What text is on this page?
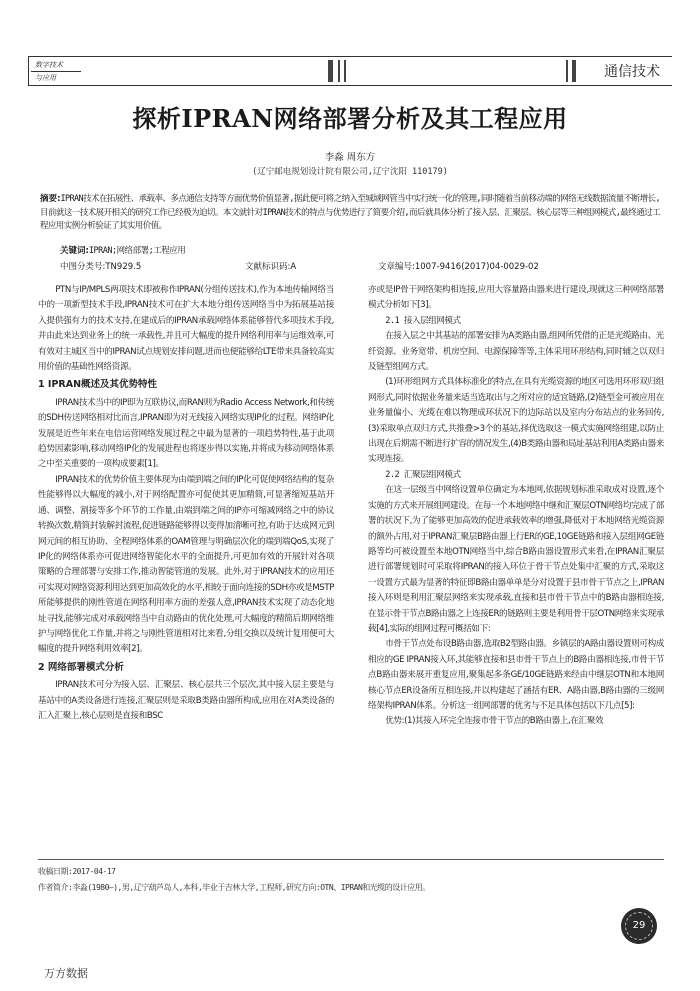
数字技术
与应用	通信技术
探析IPRAN网络部署分析及其工程应用
李淼 周东方
(辽宁邮电规划设计院有限公司,辽宁沈阳 110179)
摘要:IPRAN技术在拓展性、承载率、多点通信支持等方面优势价值显著,据此便可将之纳入至城域网管当中实行统一化的管理,同时随着当前移动端的网络无线数据流量不断增长,目前就这一技术展开相关的研究工作已经极为迫切。本文就针对IPRAN技术的特点与优势进行了简要介绍,而后就具体分析了接入层、汇聚层、核心层等三种组网模式,最终通过工程应用实例分析验证了其实用价值。
关键词:IPRAN;网络部署;工程应用
中图分类号:TN929.5	文献标识码:A	文章编号:1007-9416(2017)04-0029-02

PTN与IP/MPLS两项技术即被称作IPRAN(分组传送技术),作为本地传输网络当中的一项新型技术手段,IPRAN技术可在扩大本地分组传送网络当中为拓展基站接入提供强有力的技术支持,在建成后的IPRAN承载网络体系能够替代多项技术手段,并由此来达到业务上的统一承载性,并且可大幅度的提升网络利用率与运维效率,可有效对主城区当中的IPRAN试点规划安排问题,进而也便能够给LTE带来具备较高实用价值的基础性网络资源。

1 IPRAN概述及其优势特性

IPRAN技术当中的IP即为互联协议,而RAN则为Radio Access Network,和传统的SDH传送网络相对比而言,IPRAN即为对无线接入网络实现IP化的过程。网络IP化发展是近些年来在电信运营网络发展过程之中最为显著的一项趋势特性,基于此项趋势因素影响,移动网络IP化的发展进程也将逐步得以实施,并将成为移动网络体系之中至关重要的一项构成要素[1]。

IPRAN技术的优势价值主要体现为由端到端之间的IP化可促使网络结构的复杂性能够得以大幅度的减小,对于网络配置亦可促使其更加精简,可显著缩短基站开通、调整、割接等多个环节的工作量,由端到端之间的IP亦可缩减网络之中的协议转换次数,精简封装解封流程,促进链路能够得以变得加清晰可控,有助于达成网元到网元间的相互协助、全程网络体系的OAM管理与明确层次化的端到端QoS,实现了IP化的网络体系亦可促进网络智能化水平的全面提升,可更加有效的开展针对各项策略的合理部署与安排工作,推动智能管道的发展。此外,对于IPRAN技术的应用还可实现对网络资源利用达到更加高效化的水平,相较于面向连接的SDH亦或是MSTP所能够提供的刚性管道在网络利用率方面的差强人意,IPRAN技术实现了动态化地址寻找,能够完成对承载网络当中自动路由的优化处理,可大幅度的精简后期网络维护与网络优化工作量,并将之与刚性管道相对比来看,分组交换以及统计复用便可大幅度的提升网络利用效率[2]。

2 网络部署模式分析

IPRAN技术可分为接入层、汇聚层、核心层共三个层次,其中接入层主要是与基站中的A类设备进行连接,汇聚层则是采取B类路由器所构成,应用在对A类设备的汇入汇聚上,核心层则是直接和BSC

亦或是IP骨干网络架构相连接,应用大容量路由器来进行建设,现就这三种网络部署模式分析如下[3]。

2.1 接入层组网模式

在接入层之中其基站的部署安排为A类路由器,组网所凭借的正是光缆路由、光纤资源、业务宽带、机房空间、电源保障等等,主体采用环形结构,同时辅之以双归及链型组网方式。

(1)环形组网方式具体标准化的特点,在具有光缆资源的地区可选用环形双归组网形式,同时依据业务量来适当选取出与之所对应的适宜链路,(2)链型金可被应用在业务量偏小、光缆在难以物理成环状况下的边际站以及室内分布站点的业务回传,(3)采取单点双归方式,共推叠>3个的基站,择优选取这一模式实施网络组建,以防止出现在后期需不断进行扩容的情况发生,(4)B类路由器和局址基站利用A类路由器来实现连接。

2.2 汇聚层组网模式

在这一层级当中网络设置单位确定为本地网,依据规划标准采取成对设置,逐个实施的方式来开展组网建设。在每一个本地网络中继和汇聚层OTN网络均完成了部署的状况下,为了能够更加高效的促进承载效率的增强,降低对于本地网络光缆资源的额外占用,对于IPRAN汇聚层B路由器上行ER的GE,10GE链路和接入层组网GE链路等均可被设置至本地OTN网络当中,综合B路由器设置形式来看,在IPRAN汇聚层进行部署规划时可采取将IPRAN的接入环位于骨干节点处集中汇聚的方式,采取这一设置方式最为显著的特征即B路由器单单是分对设置于县市骨干节点之上,IPRAN接入环则是利用汇聚层网络来实现承载,直接和县市骨干节点中的B路由器相连接,在显示骨干节点B路由器之上连接ER的链路则主要是利用骨干层OTN网络来实现承载[4],实际的组网过程可概括如下:

市骨干节点处布设B路由器,选取B2型路由器。乡镇层的A路由器设置则可构成相应的GE IPRAN接入环,其能够直接和县市骨干节点上的B路由器相连接,市骨干节点B路由器来展开重复应用,聚集起多条GE/10GE链路来经由中继层OTN和本地网核心节点ER设备所互相连接,并以构建起了涵括有ER、A路由器,B路由器的三级网络架构IPRAN体系。分析这一组网部署的优劣与不足具体包括以下几点[5]:

优势:(1)其接入环完全连接市骨干节点的B路由器上,在汇聚效

收稿日期:2017-04-17
作者简介:李淼(1980—),男,辽宁葫芦岛人,本科,毕业于吉林大学,工程师,研究方向:OTN、IPRAN和光缆的设计应用。
29
万方数据
